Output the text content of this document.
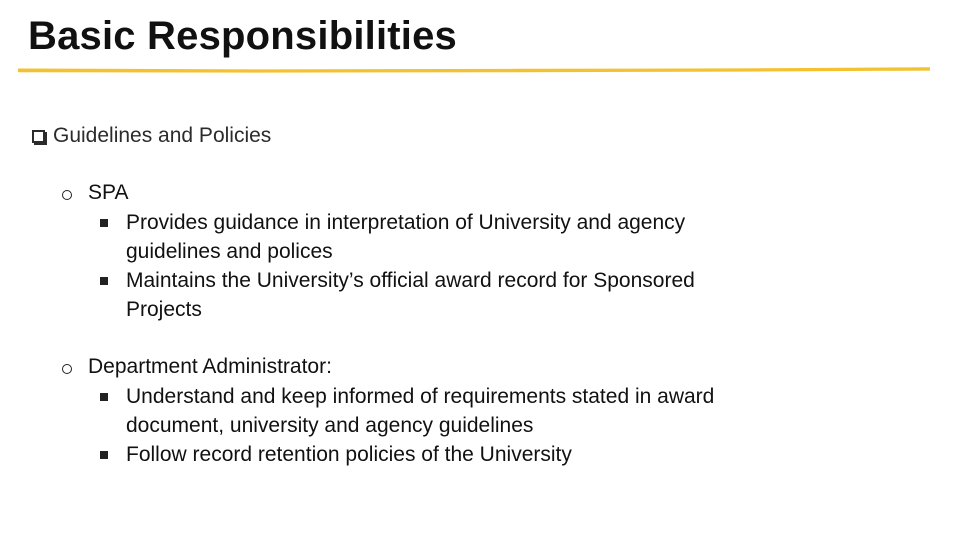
Basic Responsibilities
Guidelines and Policies
SPA
Provides guidance in interpretation of University and agency
guidelines and polices
Maintains the University’s official award record for Sponsored
Projects
Department Administrator:
Understand and keep informed of requirements stated in award
document, university and agency guidelines
Follow record retention policies of the University
